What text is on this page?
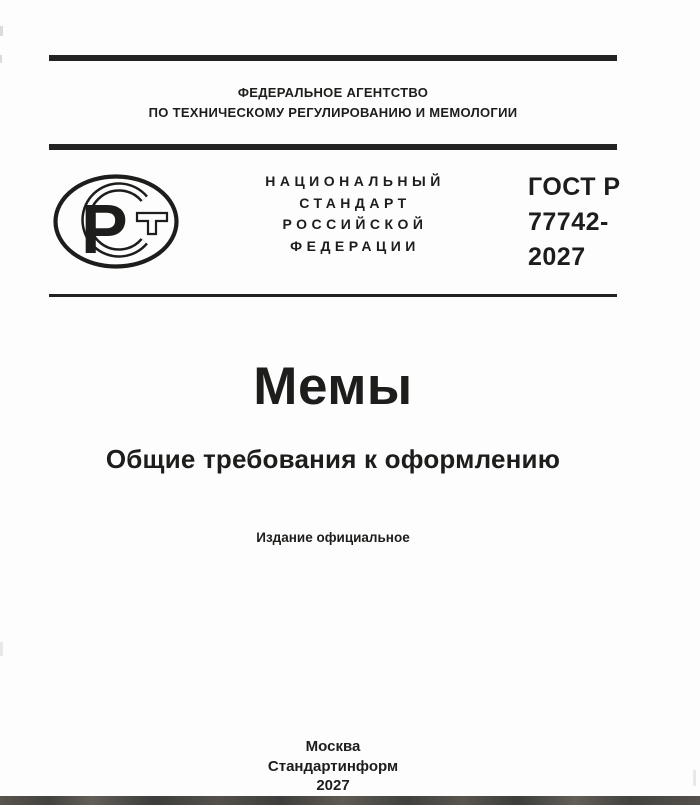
ФЕДЕРАЛЬНОЕ АГЕНТСТВО
ПО ТЕХНИЧЕСКОМУ РЕГУЛИРОВАНИЮ И МЕМОЛОГИИ
Р
НАЦИОНАЛЬНЫЙ
СТАНДАРТ
РОССИЙСКОЙ
ФЕДЕРАЦИИ
ГОСТ Р
77742-
2027
Мемы
Общие требования к оформлению
Издание официальное
Москва
Стандартинформ
2027
